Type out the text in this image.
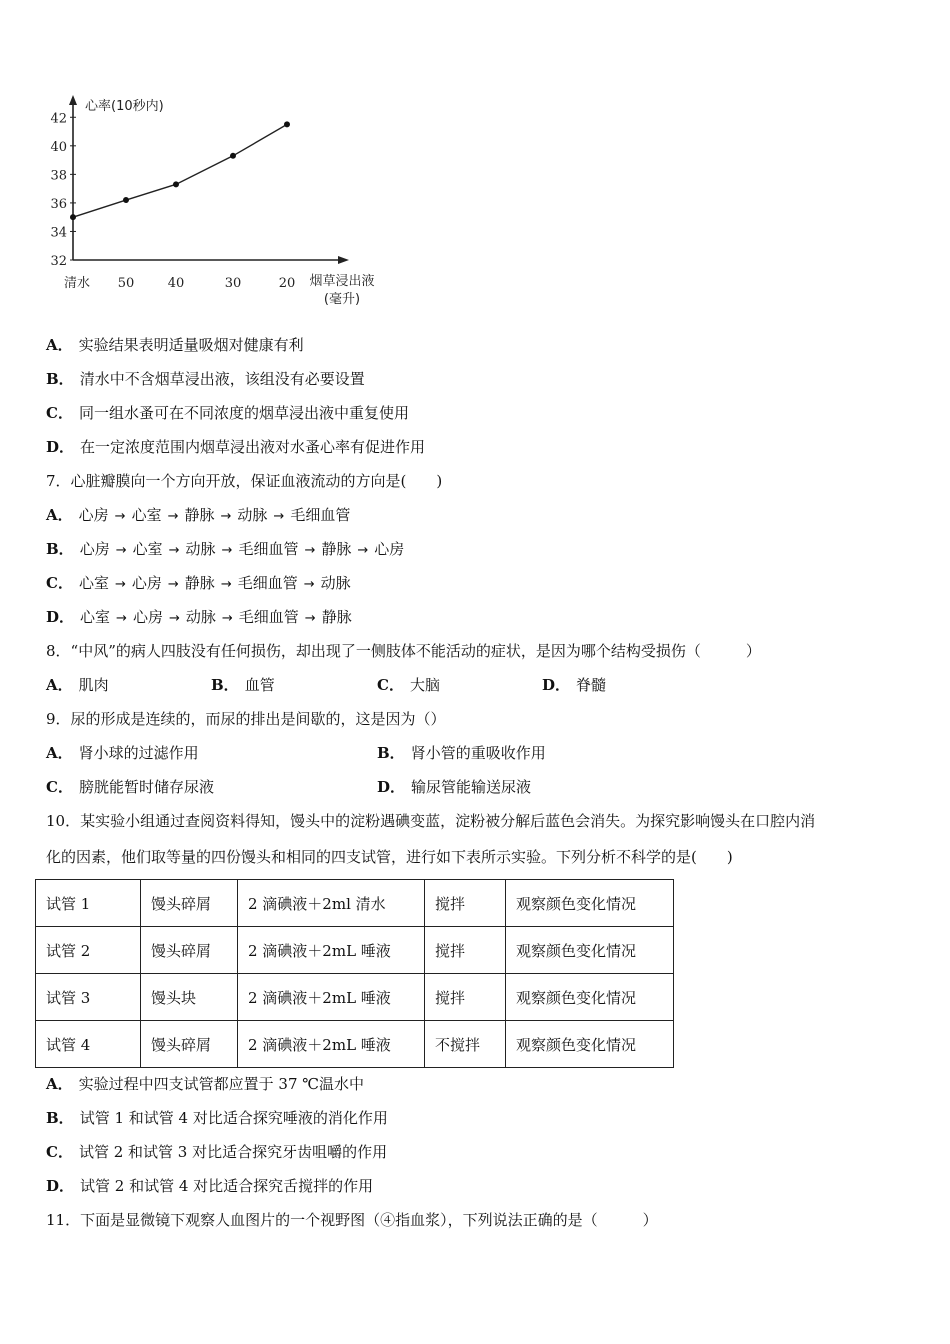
32
34
36
38
40
42
心率(10秒内)
清水 50	40	30	20 烟草浸出液
(毫升)
A． 实验结果表明适量吸烟对健康有利
B． 清水中不含烟草浸出液，该组没有必要设置
C． 同一组水蚤可在不同浓度的烟草浸出液中重复使用
D． 在一定浓度范围内烟草浸出液对水蚤心率有促进作用
7．心脏瓣膜向一个方向开放，保证血液流动的方向是(　　)
A． 心房 → 心室 → 静脉 → 动脉 → 毛细血管
B． 心房 → 心室 → 动脉 → 毛细血管 → 静脉 → 心房
C． 心室 → 心房 → 静脉 → 毛细血管 → 动脉
D． 心室 → 心房 → 动脉 → 毛细血管 → 静脉
8．“中风”的病人四肢没有任何损伤，却出现了一侧肢体不能活动的症状，是因为哪个结构受损伤（　　　）
A． 肌肉	B． 血管	C． 大脑	D． 脊髓
9．尿的形成是连续的，而尿的排出是间歇的，这是因为（）
A． 肾小球的过滤作用	B． 肾小管的重吸收作用
C． 膀胱能暂时储存尿液	D． 输尿管能输送尿液
10．某实验小组通过查阅资料得知，馒头中的淀粉遇碘变蓝，淀粉被分解后蓝色会消失。为探究影响馒头在口腔内消
化的因素，他们取等量的四份馒头和相同的四支试管，进行如下表所示实验。下列分析不科学的是(　　)
试管 1	馒头碎屑	2 滴碘液＋2ml 清水	搅拌	观察颜色变化情况
试管 2	馒头碎屑	2 滴碘液＋2mL 唾液	搅拌	观察颜色变化情况
试管 3	馒头块	2 滴碘液＋2mL 唾液	搅拌	观察颜色变化情况
试管 4	馒头碎屑	2 滴碘液＋2mL 唾液	不搅拌	观察颜色变化情况
A． 实验过程中四支试管都应置于 37 ℃温水中
B． 试管 1 和试管 4 对比适合探究唾液的消化作用
C． 试管 2 和试管 3 对比适合探究牙齿咀嚼的作用
D． 试管 2 和试管 4 对比适合探究舌搅拌的作用
11．下面是显微镜下观察人血图片的一个视野图（④指血浆），下列说法正确的是（　　　）
